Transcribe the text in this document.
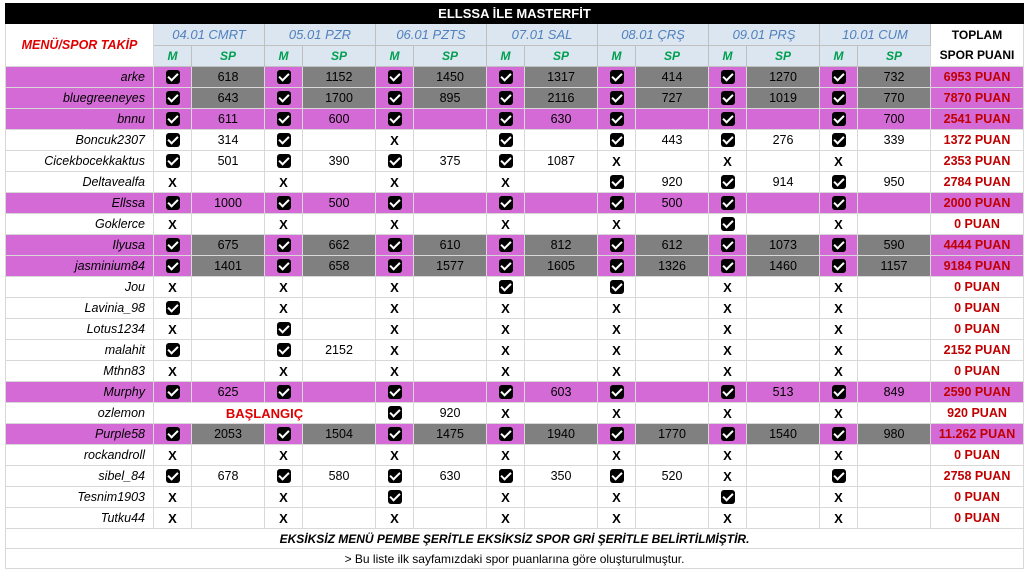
ELLSSA İLE MASTERFİT															
MENÜ/SPOR TAKİP	04.01 CMRT		05.01 PZR		06.01 PZTS		07.01 SAL		08.01 ÇRŞ		09.01 PRŞ		10.01 CUM		TOPLAM
SPOR PUANI

	M	SP	M	SP	M	SP	M	SP	M	SP	M	SP	M	SP	
arke		618		1152		1450		1317		414		1270		732	6953 PUAN
bluegreeneyes		643		1700		895		2116		727		1019		770	7870 PUAN
bnnu		611		600				630						700	2541 PUAN
Boncuk2307		314			X					443		276		339	1372 PUAN
Cicekbocekkaktus		501		390		375		1087	X		X		X		2353 PUAN
Deltavealfa	X		X		X		X			920		914		950	2784 PUAN
Ellssa		1000		500						500					2000 PUAN
Goklerce	X		X		X		X		X				X		0 PUAN
Ilyusa		675		662		610		812		612		1073		590	4444 PUAN
jasminium84		1401		658		1577		1605		1326		1460		1157	9184 PUAN
Jou	X		X		X						X		X		0 PUAN
Lavinia_98			X		X		X		X		X		X		0 PUAN
Lotus1234	X				X		X		X		X		X		0 PUAN
malahit				2152	X		X		X		X		X		2152 PUAN
Mthn83	X		X		X		X		X		X		X		0 PUAN
Murphy		625						603				513		849	2590 PUAN
ozlemon	BAŞLANGIÇ					920	X		X		X		X		920 PUAN
Purple58		2053		1504		1475		1940		1770		1540		980	11.262 PUAN
rockandroll	X		X		X		X		X		X		X		0 PUAN
sibel_84		678		580		630		350		520	X				2758 PUAN
Tesnim1903	X		X				X		X				X		0 PUAN
Tutku44	X		X		X		X		X		X		X		0 PUAN
EKSİKSİZ MENÜ PEMBE ŞERİTLE EKSİKSİZ SPOR GRİ ŞERİTLE BELİRTİLMİŞTİR.															
> Bu liste ilk sayfamızdaki spor puanlarına göre oluşturulmuştur.															
